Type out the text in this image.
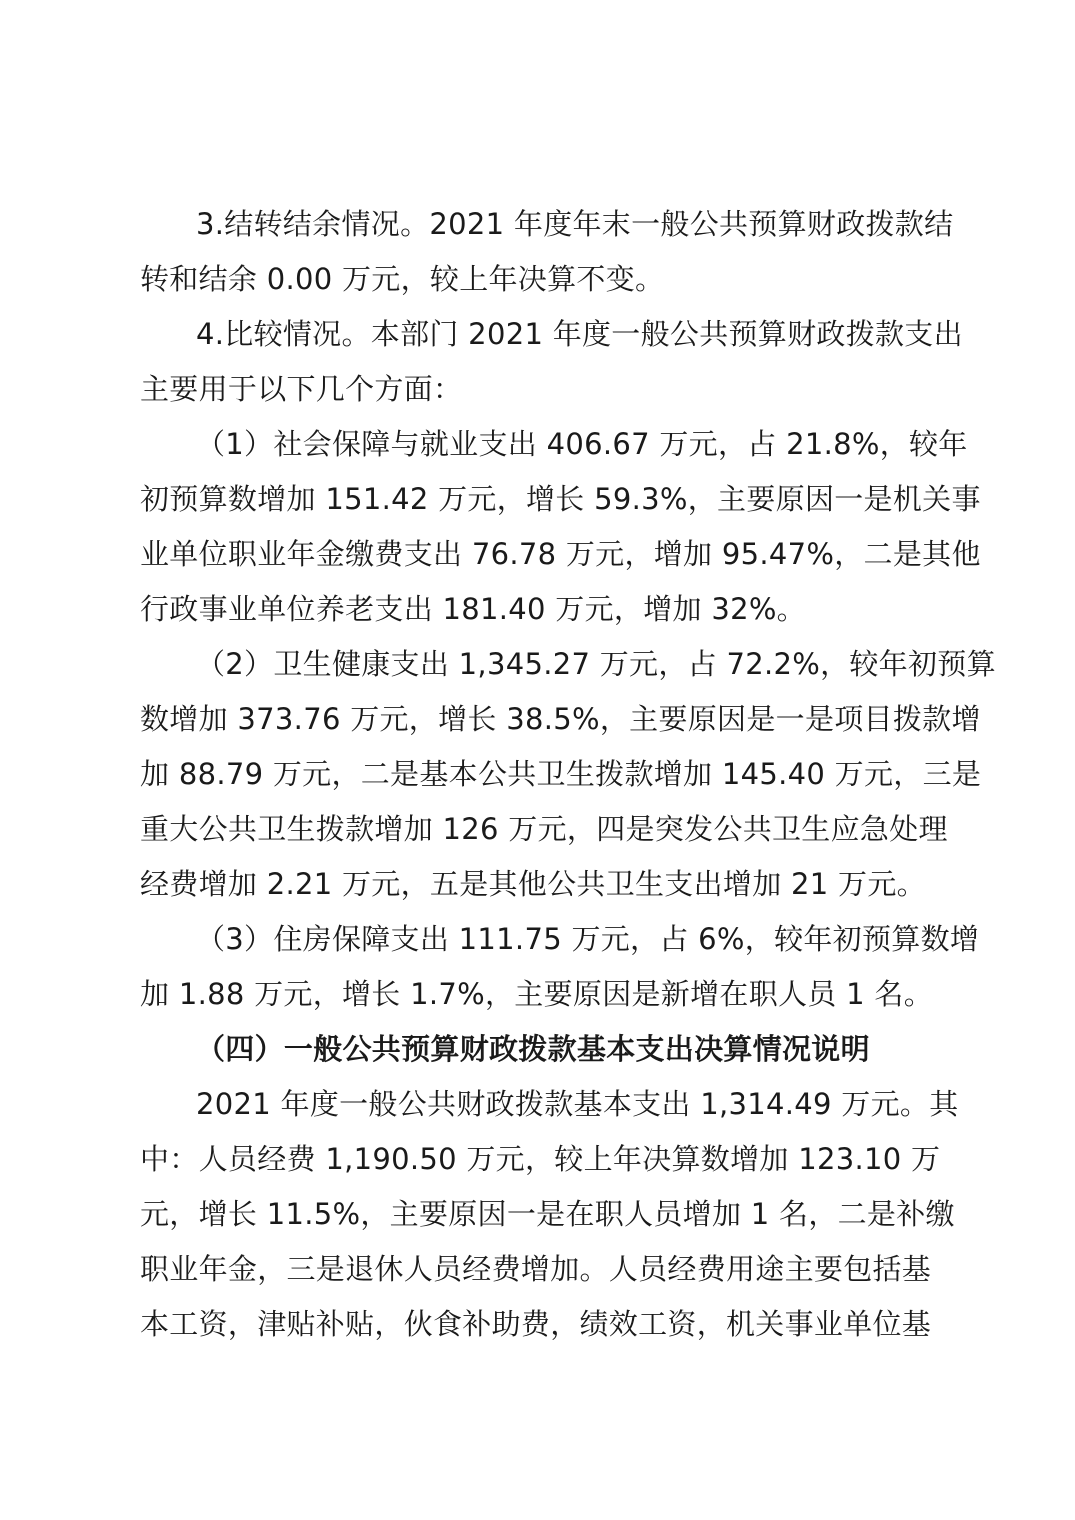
3.结转结余情况。2021 年度年末一般公共预算财政拨款结
转和结余 0.00 万元，较上年决算不变。
4.比较情况。本部门 2021 年度一般公共预算财政拨款支出
主要用于以下几个方面：
（1）社会保障与就业支出 406.67 万元，占 21.8%，较年
初预算数增加 151.42 万元，增长 59.3%，主要原因一是机关事
业单位职业年金缴费支出 76.78 万元，增加 95.47%，二是其他
行政事业单位养老支出 181.40 万元，增加 32%。
（2）卫生健康支出 1,345.27 万元，占 72.2%，较年初预算
数增加 373.76 万元，增长 38.5%，主要原因是一是项目拨款增
加 88.79 万元，二是基本公共卫生拨款增加 145.40 万元，三是
重大公共卫生拨款增加 126 万元，四是突发公共卫生应急处理
经费增加 2.21 万元，五是其他公共卫生支出增加 21 万元。
（3）住房保障支出 111.75 万元，占 6%，较年初预算数增
加 1.88 万元，增长 1.7%，主要原因是新增在职人员 1 名。
（四）一般公共预算财政拨款基本支出决算情况说明
2021 年度一般公共财政拨款基本支出 1,314.49 万元。其
中：人员经费 1,190.50 万元，较上年决算数增加 123.10 万
元，增长 11.5%，主要原因一是在职人员增加 1 名，二是补缴
职业年金，三是退休人员经费增加。人员经费用途主要包括基
本工资，津贴补贴，伙食补助费，绩效工资，机关事业单位基
